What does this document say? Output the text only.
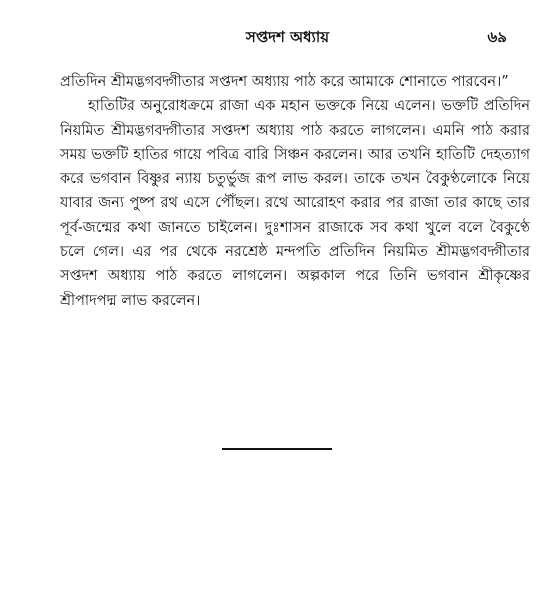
সপ্তদশ অধ্যায়	৬৯

প্রতিদিন শ্রীমদ্ভগবদ্গীতার সপ্তদশ অধ্যায় পাঠ করে আমাকে শোনাতে পারবেন।”

হাতিটির অনুরোধক্রমে রাজা এক মহান ভক্তকে নিয়ে এলেন। ভক্তটি প্রতিদিন নিয়মিত শ্রীমদ্ভগবদ্গীতার সপ্তদশ অধ্যায় পাঠ করতে লাগলেন। এমনি পাঠ করার সময় ভক্তটি হাতির গায়ে পবিত্র বারি সিঞ্চন করলেন। আর তখনি হাতিটি দেহত্যাগ করে ভগবান বিষ্ণুর ন্যায় চতুর্ভুজ রূপ লাভ করল। তাকে তখন বৈকুণ্ঠলোকে নিয়ে যাবার জন্য পুষ্প রথ এসে পৌঁছল। রথে আরোহণ করার পর রাজা তার কাছে তার পূর্ব-জন্মের কথা জানতে চাইলেন। দুঃশাসন রাজাকে সব কথা খুলে বলে বৈকুণ্ঠে চলে গেল। এর পর থেকে নরশ্রেষ্ঠ মন্দপতি প্রতিদিন নিয়মিত শ্রীমদ্ভগবদ্গীতার সপ্তদশ অধ্যায় পাঠ করতে লাগলেন। অল্পকাল পরে তিনি ভগবান শ্রীকৃষ্ণের শ্রীপাদপদ্ম লাভ করলেন।
